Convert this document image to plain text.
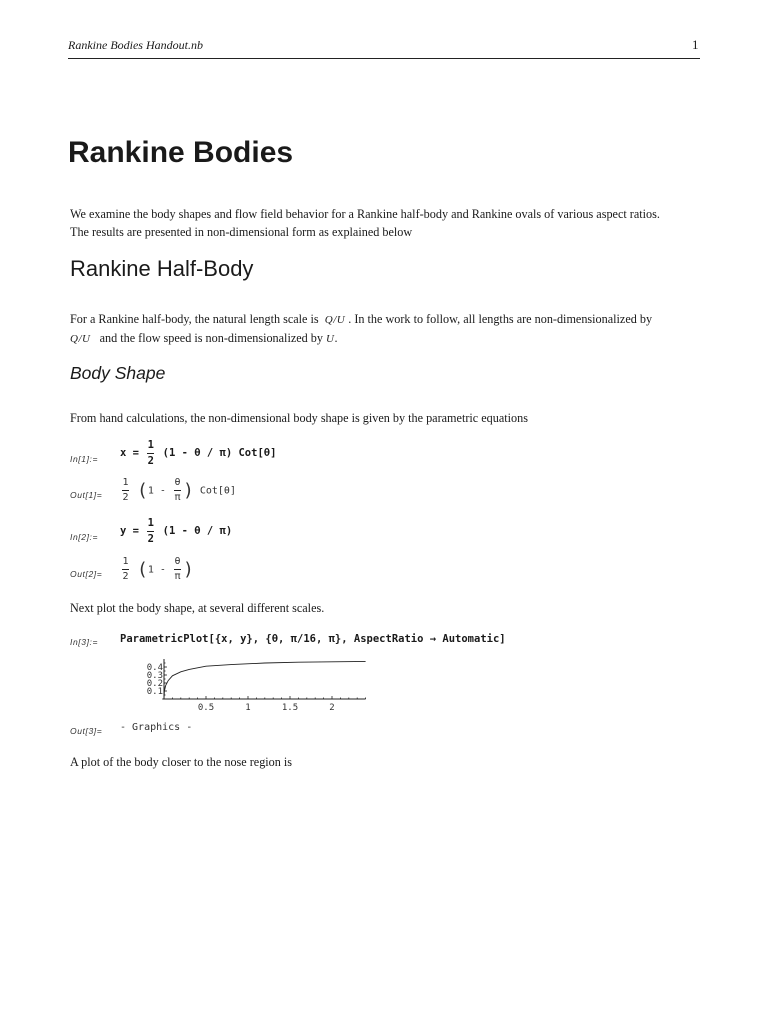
Rankine Bodies Handout.nb	1
Rankine Bodies
We examine the body shapes and flow field behavior for a Rankine half-body and Rankine ovals of various aspect ratios.
The results are presented in non-dimensional form as explained below
Rankine Half-Body
For a Rankine half-body, the natural length scale is Q/U . In the work to follow, all lengths are non-dimensionalized by
Q/U and the flow speed is non-dimensionalized by U.
Body Shape
From hand calculations, the non-dimensional body shape is given by the parametric equations
In[1]:= $x = \frac{1}{2} (1 - \theta / \pi)$ Cot[θ]
$Out[1]= \frac{1}{2} (1 - \frac{\theta}{\pi}$ ) Cot[θ]
In[2]:= $y = \frac{1}{2} (1 - \theta / \pi)$
$Out[2]= \frac{1}{2} (1 - \frac{\theta}{\pi}$ )
Next plot the body shape, at several different scales.
In[3]:= ParametricPlot[{x, y}, {θ, π/16, π}, AspectRatio → Automatic]
0.5	1	1.5	2
0.1
0.2
0.3
0.4
Out[3]= - Graphics -
A plot of the body closer to the nose region is
